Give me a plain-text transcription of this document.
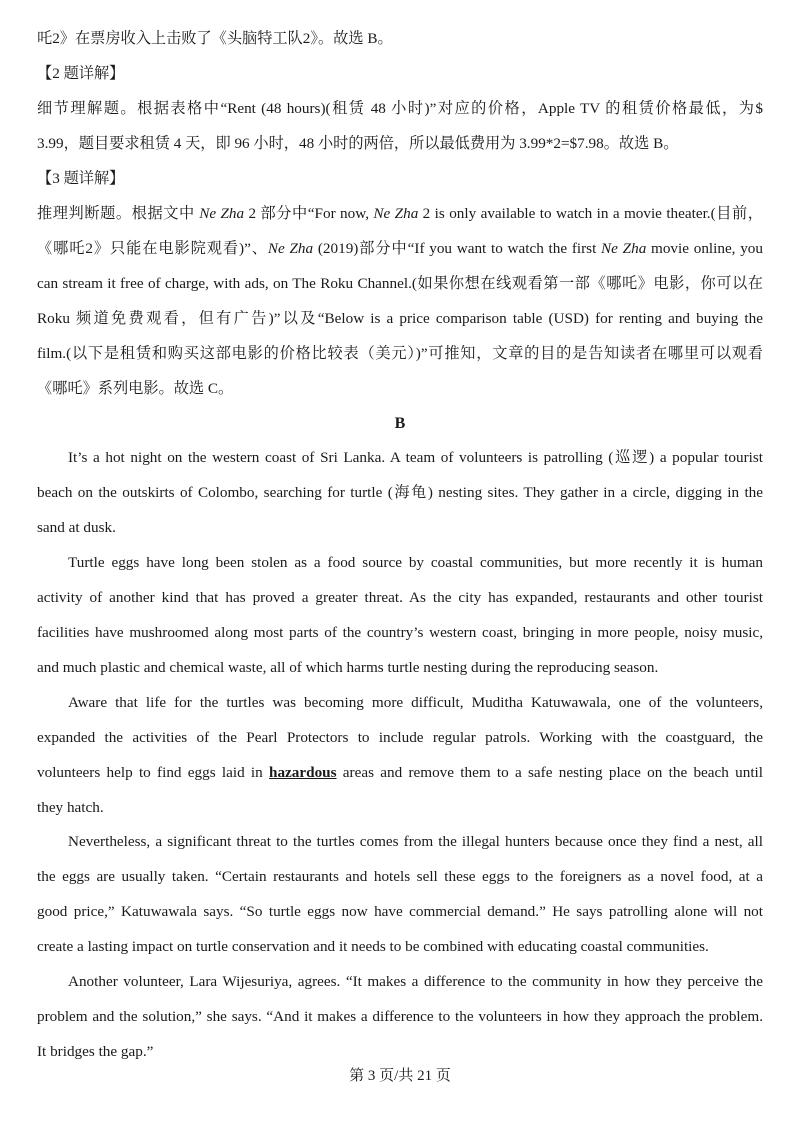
吒2》在票房收入上击败了《头脑特工队2》。故选 B。
【2 题详解】
细节理解题。根据表格中“Rent (48 hours)(租赁 48 小时)”对应的价格，Apple TV 的租赁价格最低，为$
3.99，题目要求租赁 4 天，即 96 小时，48 小时的两倍，所以最低费用为 3.99*2=$7.98。故选 B。
【3 题详解】
推理判断题。根据文中 Ne Zha 2 部分中“For now, Ne Zha 2 is only available to watch in a movie theater.(目前，
《哪吒2》只能在电影院观看)”、Ne Zha (2019)部分中“If you want to watch the first Ne Zha movie online, you
can stream it free of charge, with ads, on The Roku Channel.(如果你想在线观看第一部《哪吒》电影，你可以在
Roku 频道免费观看，但有广告)”以及“Below is a price comparison table (USD) for renting and buying the
film.(以下是租赁和购买这部电影的价格比较表（美元）)”可推知，文章的目的是告知读者在哪里可以观看
《哪吒》系列电影。故选 C。
B
It’s a hot night on the western coast of Sri Lanka. A team of volunteers is patrolling (巡逻) a popular tourist
beach on the outskirts of Colombo, searching for turtle (海龟) nesting sites. They gather in a circle, digging in the
sand at dusk.
Turtle eggs have long been stolen as a food source by coastal communities, but more recently it is human
activity of another kind that has proved a greater threat. As the city has expanded, restaurants and other tourist
facilities have mushroomed along most parts of the country’s western coast, bringing in more people, noisy music,
and much plastic and chemical waste, all of which harms turtle nesting during the reproducing season.
Aware that life for the turtles was becoming more difficult, Muditha Katuwawala, one of the volunteers,
expanded the activities of the Pearl Protectors to include regular patrols. Working with the coastguard, the
volunteers help to find eggs laid in hazardous areas and remove them to a safe nesting place on the beach until
they hatch.
Nevertheless, a significant threat to the turtles comes from the illegal hunters because once they find a nest, all
the eggs are usually taken. “Certain restaurants and hotels sell these eggs to the foreigners as a novel food, at a
good price,” Katuwawala says. “So turtle eggs now have commercial demand.” He says patrolling alone will not
create a lasting impact on turtle conservation and it needs to be combined with educating coastal communities.
Another volunteer, Lara Wijesuriya, agrees. “It makes a difference to the community in how they perceive the
problem and the solution,” she says. “And it makes a difference to the volunteers in how they approach the problem.
It bridges the gap.”
第 3 页/共 21 页
